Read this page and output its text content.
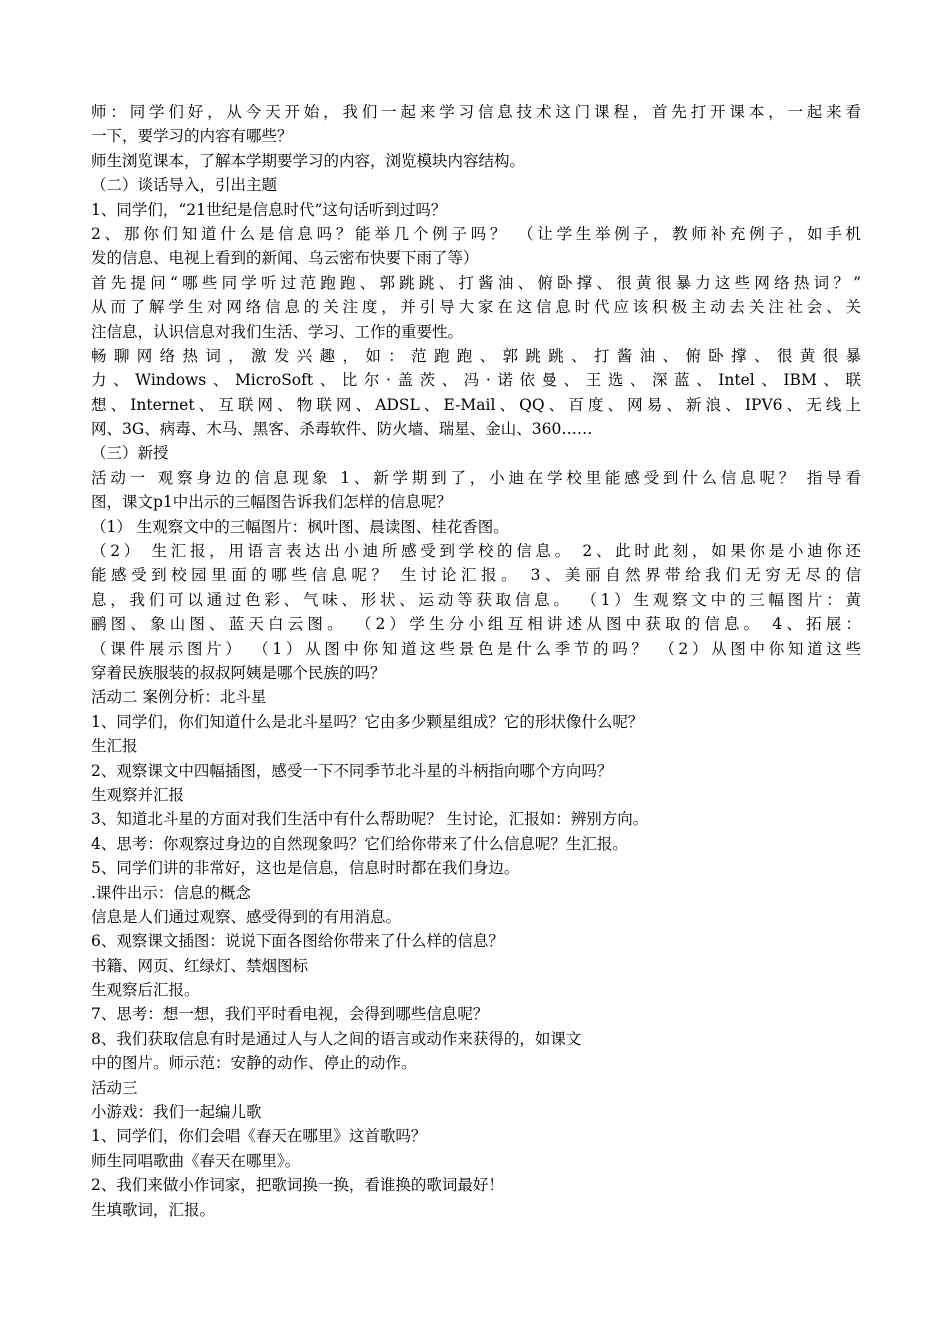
师：同学们好，从今天开始，我们一起来学习信息技术这门课程，首先打开课本，一起来看
一下，要学习的内容有哪些？
师生浏览课本，了解本学期要学习的内容，浏览模块内容结构。
（二）谈话导入，引出主题
1、同学们，“21世纪是信息时代”这句话听到过吗？
2、那你们知道什么是信息吗？能举几个例子吗？ （让学生举例子，教师补充例子，如手机
发的信息、电视上看到的新闻、乌云密布快要下雨了等）
首先提问“哪些同学听过范跑跑、郭跳跳、打酱油、俯卧撑、很黄很暴力这些网络热词？”
从而了解学生对网络信息的关注度，并引导大家在这信息时代应该积极主动去关注社会、关
注信息，认识信息对我们生活、学习、工作的重要性。
畅聊网络热词，激发兴趣，如：范跑跑、郭跳跳、打酱油、俯卧撑、很黄很暴
力、Windows、MicroSoft、比尔·盖茨、冯·诺依曼、王选、深蓝、Intel、IBM、联
想、Internet、互联网、物联网、ADSL、E-Mail、QQ、百度、网易、新浪、IPV6、无线上
网、3G、病毒、木马、黑客、杀毒软件、防火墙、瑞星、金山、360……
（三）新授
活动一 观察身边的信息现象 1、新学期到了，小迪在学校里能感受到什么信息呢？ 指导看
图，课文p1中出示的三幅图告诉我们怎样的信息呢？
（1） 生观察文中的三幅图片：枫叶图、晨读图、桂花香图。
（2） 生汇报，用语言表达出小迪所感受到学校的信息。 2、此时此刻，如果你是小迪你还
能感受到校园里面的哪些信息呢？ 生讨论汇报。 3、美丽自然界带给我们无穷无尽的信
息，我们可以通过色彩、气味、形状、运动等获取信息。 （1）生观察文中的三幅图片：黄
鹂图、象山图、蓝天白云图。 （2）学生分小组互相讲述从图中获取的信息。 4、拓展：
（课件展示图片） （1）从图中你知道这些景色是什么季节的吗？ （2）从图中你知道这些
穿着民族服装的叔叔阿姨是哪个民族的吗？
活动二 案例分析：北斗星
1、同学们，你们知道什么是北斗星吗？它由多少颗星组成？它的形状像什么呢？
生汇报
2、观察课文中四幅插图，感受一下不同季节北斗星的斗柄指向哪个方向吗？
生观察并汇报
3、知道北斗星的方面对我们生活中有什么帮助呢？ 生讨论，汇报如：辨别方向。
4、思考：你观察过身边的自然现象吗？它们给你带来了什么信息呢？生汇报。
5、同学们讲的非常好，这也是信息，信息时时都在我们身边。
.课件出示：信息的概念
信息是人们通过观察、感受得到的有用消息。
6、观察课文插图：说说下面各图给你带来了什么样的信息？
书籍、网页、红绿灯、禁烟图标
生观察后汇报。
7、思考：想一想，我们平时看电视，会得到哪些信息呢？
8、我们获取信息有时是通过人与人之间的语言或动作来获得的，如课文
中的图片。师示范：安静的动作、停止的动作。
活动三
小游戏：我们一起编儿歌
1、同学们，你们会唱《春天在哪里》这首歌吗？
师生同唱歌曲《春天在哪里》。
2、我们来做小作词家，把歌词换一换，看谁换的歌词最好！
生填歌词，汇报。
